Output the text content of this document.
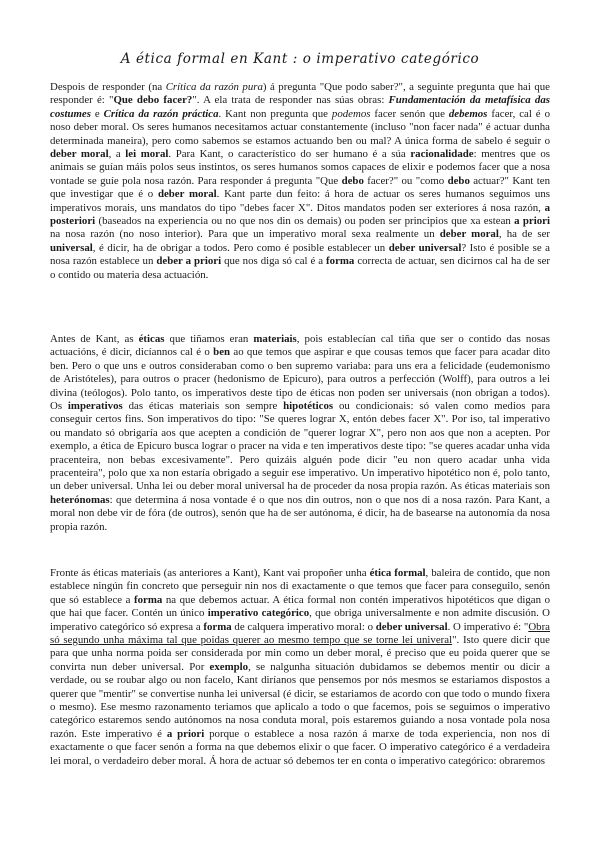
A ética formal en Kant : o imperativo categórico

Despois de responder (na Crítica da razón pura) á pregunta "Que podo saber?", a seguinte pregunta que hai que responder é: "Que debo facer?". A ela trata de responder nas súas obras: Fundamentación da metafísica das costumes e Crítica da razón práctica. Kant non pregunta que podemos facer senón que debemos facer, cal é o noso deber moral. Os seres humanos necesitamos actuar constantemente (incluso "non facer nada" é actuar dunha determinada maneira), pero como sabemos se estamos actuando ben ou mal? A única forma de sabelo é seguir o deber moral, a lei moral. Para Kant, o característico do ser humano é a súa racionalidade: mentres que os animais se guían máis polos seus instintos, os seres humanos somos capaces de elixir e podemos facer que a nosa vontade se guíe pola nosa razón. Para responder á pregunta "Que debo facer?" ou "como debo actuar?" Kant ten que investigar que é o deber moral. Kant parte dun feito: á hora de actuar os seres humanos seguimos uns imperativos morais, uns mandatos do tipo "debes facer X". Ditos mandatos poden ser exteriores á nosa razón, a posteriori (baseados na experiencia ou no que nos din os demais) ou poden ser principios que xa estean a priori na nosa razón (no noso interior). Para que un imperativo moral sexa realmente un deber moral, ha de ser universal, é dicir, ha de obrigar a todos. Pero como é posible establecer un deber universal? Isto é posible se a nosa razón establece un deber a priori que nos diga só cal é a forma correcta de actuar, sen dicirnos cal ha de ser o contido ou materia desa actuación.

Antes de Kant, as éticas que tiñamos eran materiais, pois establecían cal tiña que ser o contido das nosas actuacións, é dicir, dicíannos cal é o ben ao que temos que aspirar e que cousas temos que facer para acadar dito ben. Pero o que uns e outros consideraban como o ben supremo variaba: para uns era a felicidade (eudemonismo de Aristóteles), para outros o pracer (hedonismo de Epicuro), para outros a perfección (Wolff), para outros a lei divina (teólogos). Polo tanto, os imperativos deste tipo de éticas non poden ser universais (non obrigan a todos). Os imperativos das éticas materiais son sempre hipotéticos ou condicionais: só valen como medios para conseguir certos fins. Son imperativos do tipo: "Se queres lograr X, entón debes facer X". Por iso, tal imperativo ou mandato só obrigaría aos que acepten a condición de "querer lograr X", pero non aos que non a acepten. Por exemplo, a ética de Epicuro busca lograr o pracer na vida e ten imperativos deste tipo: "se queres acadar unha vida pracenteira, non bebas excesivamente". Pero quizáis alguén pode dicir "eu non quero acadar unha vida pracenteira", polo que xa non estaría obrigado a seguir ese imperativo. Un imperativo hipotético non é, polo tanto, un deber universal. Unha lei ou deber moral universal ha de proceder da nosa propia razón. As éticas materiais son heterónomas: que determina á nosa vontade é o que nos din outros, non o que nos di a nosa razón. Para Kant, a moral non debe vir de fóra (de outros), senón que ha de ser autónoma, é dicir, ha de basearse na autonomía da nosa propia razón.

Fronte ás éticas materiais (as anteriores a Kant), Kant vai propoñer unha ética formal, baleira de contido, que non establece ningún fin concreto que perseguir nin nos di exactamente o que temos que facer para conseguilo, senón que só establece a forma na que debemos actuar. A ética formal non contén imperativos hipotéticos que digan o que hai que facer. Contén un único imperativo categórico, que obriga universalmente e non admite discusión. O imperativo categórico só expresa a forma de calquera imperativo moral: o deber universal. O imperativo é: "Obra só segundo unha máxima tal que poidas querer ao mesmo tempo que se torne lei univeral". Isto quere dicir que para que unha norma poida ser considerada por min como un deber moral, é preciso que eu poida querer que se convirta nun deber universal. Por exemplo, se nalgunha situación dubidamos se debemos mentir ou dicir a verdade, ou se roubar algo ou non facelo, Kant diríanos que pensemos por nós mesmos se estariamos dispostos a querer que "mentir" se convertise nunha lei universal (é dicir, se estariamos de acordo con que todo o mundo fixera o mesmo). Ese mesmo razonamento teriamos que aplicalo a todo o que facemos, pois se seguimos o imperativo categórico estaremos sendo autónomos na nosa conduta moral, pois estaremos guiando a nosa vontade pola nosa razón. Este imperativo é a priori porque o establece a nosa razón á marxe de toda experiencia, non nos di exactamente o que facer senón a forma na que debemos elixir o que facer. O imperativo categórico é a verdadeira lei moral, o verdadeiro deber moral. Á hora de actuar só debemos ter en conta o imperativo categórico: obraremos
